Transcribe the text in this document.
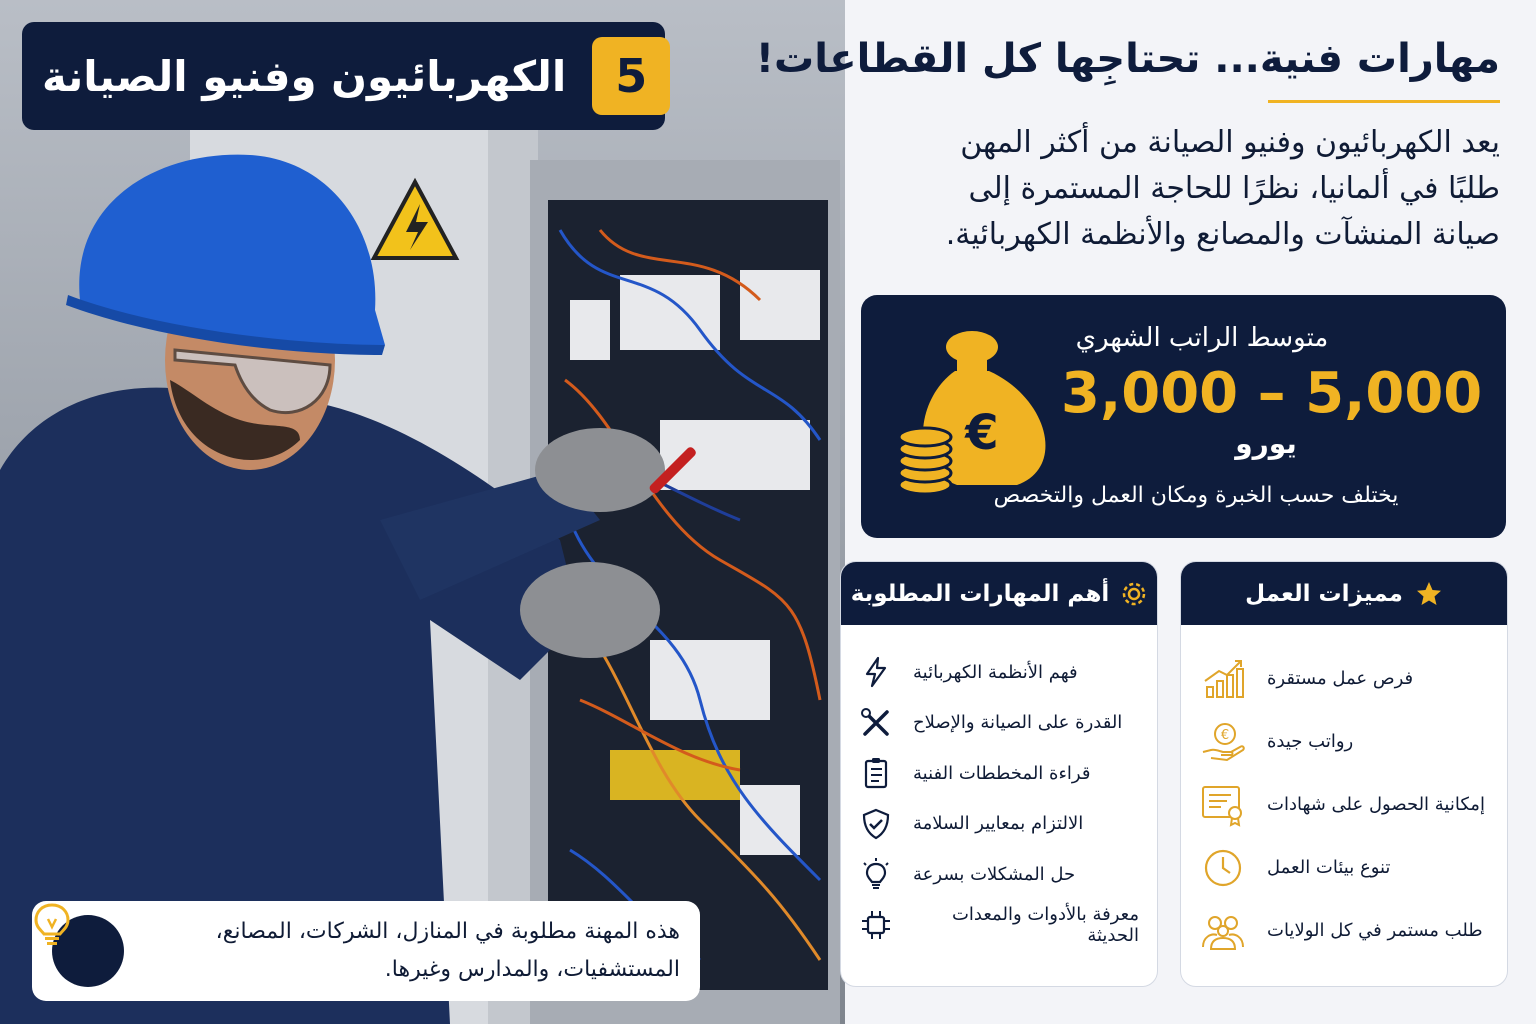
5
الكهربائيون وفنيو الصيانة
هذه المهنة مطلوبة في المنازل، الشركات، المصانع،
المستشفيات، والمدارس وغيرها.
مهارات فنية... تحتاجِها كل القطاعات!
يعد الكهربائيون وفنيو الصيانة من أكثر المهن
طلبًا في ألمانيا، نظرًا للحاجة المستمرة إلى
صيانة المنشآت والمصانع والأنظمة الكهربائية.
€
متوسط الراتب الشهري
3,000 – 5,000
يورو
يختلف حسب الخبرة ومكان العمل والتخصص
أهم المهارات المطلوبة
فهم الأنظمة الكهربائية
القدرة على الصيانة والإصلاح
قراءة المخططات الفنية
الالتزام بمعايير السلامة
حل المشكلات بسرعة
معرفة بالأدوات والمعدات الحديثة
مميزات العمل
فرص عمل مستقرة
رواتب جيدة
€
إمكانية الحصول على شهادات
تنوع بيئات العمل
طلب مستمر في كل الولايات
